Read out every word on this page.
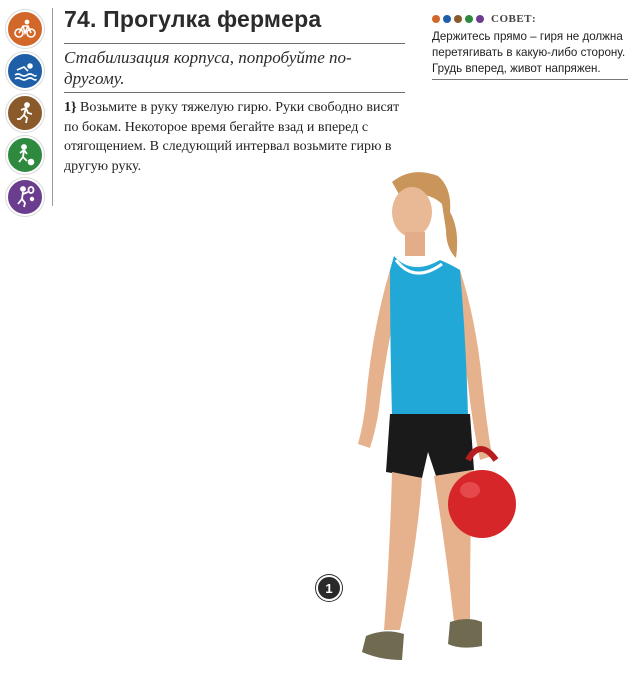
74. Прогулка фермера

Стабилизация корпуса, попробуйте по-другому.

1} Возьмите в руку тяжелую гирю. Руки свободно висят по бокам. Некоторое время бегайте взад и вперед с отягощением. В следующий интервал возьмите гирю в другую руку.

СОВЕТ:

Держитесь прямо – гиря не должна перетягивать в какую-либо сторону. Грудь вперед, живот напряжен.

1
